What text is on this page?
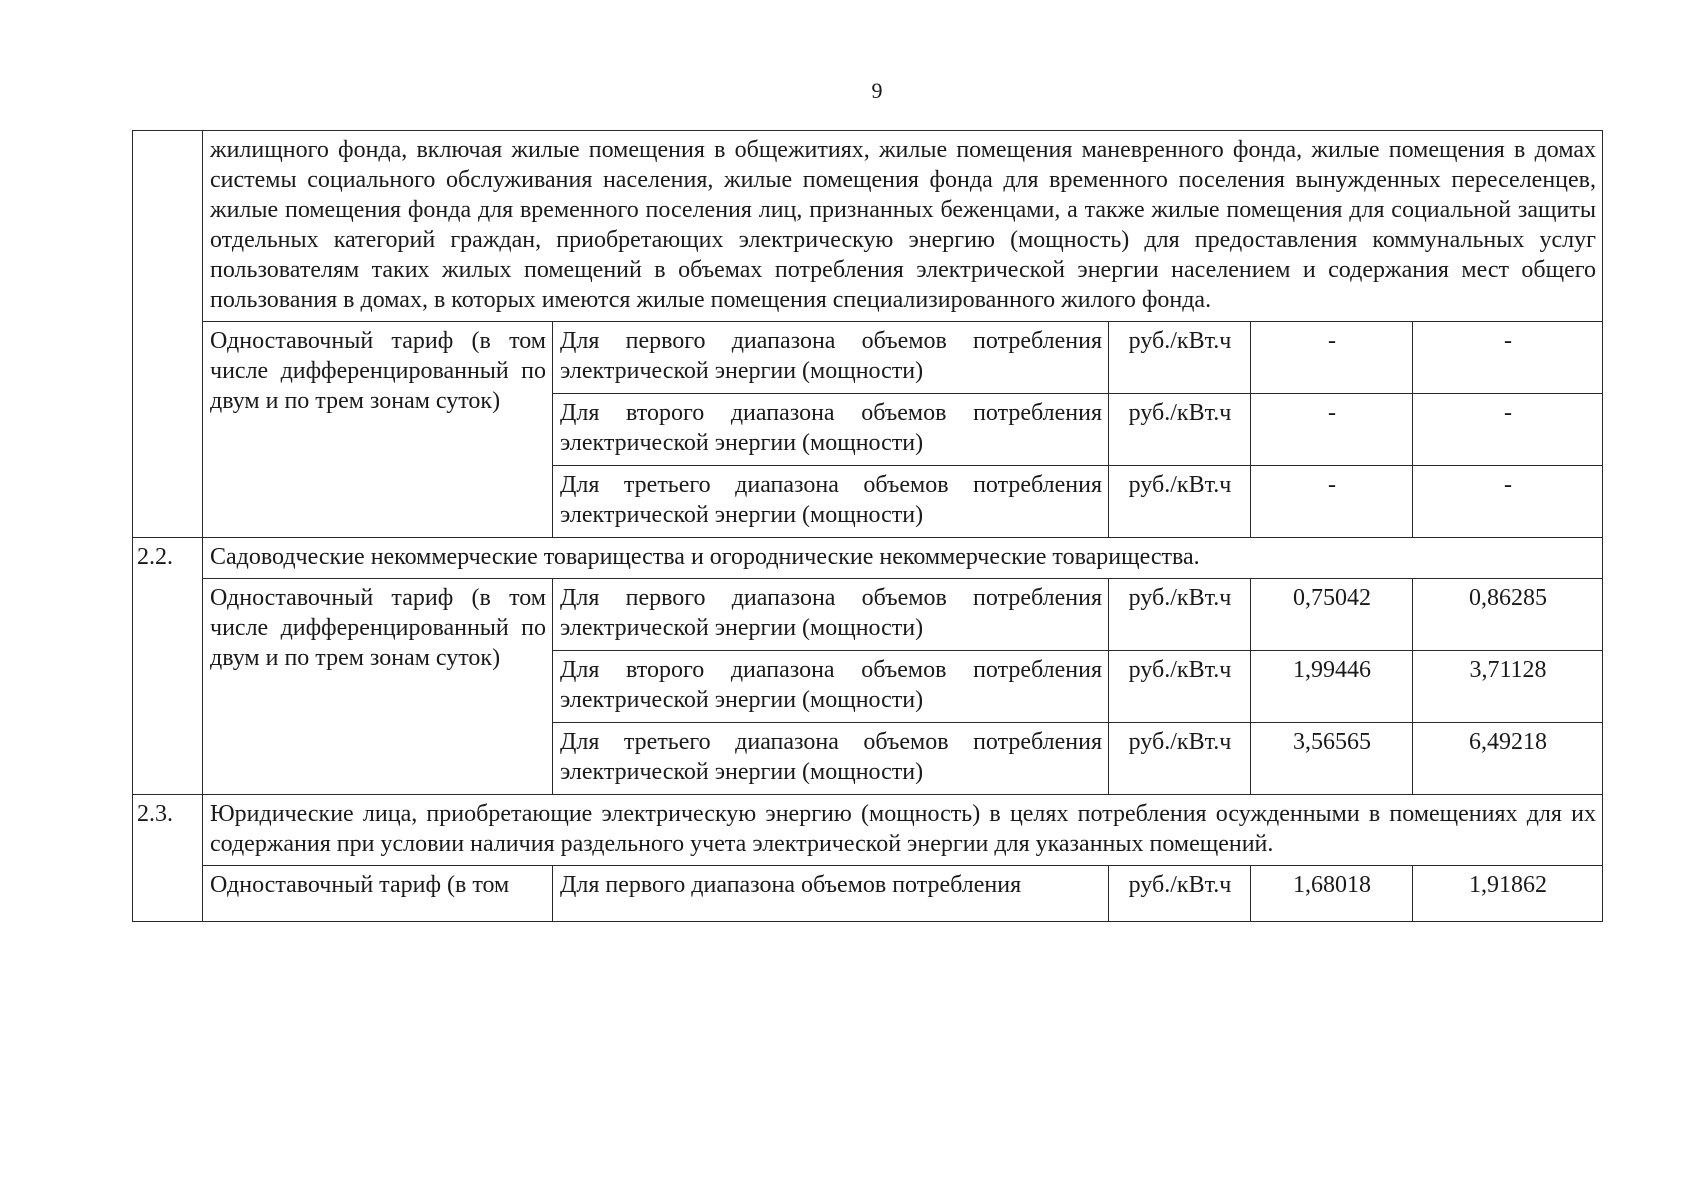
9
	жилищного фонда, включая жилые помещения в общежитиях, жилые помещения маневренного фонда, жилые помещения в домах системы социального обслуживания населения, жилые помещения фонда для временного поселения вынужденных переселенцев, жилые помещения фонда для временного поселения лиц, признанных беженцами, а также жилые помещения для социальной защиты отдельных категорий граждан, приобретающих электрическую энергию (мощность) для предоставления коммунальных услуг пользователям таких жилых помещений в объемах потребления электрической энергии населением и содержания мест общего пользования в домах, в которых имеются жилые помещения специализированного жилого фонда.				
	Одноставочный тариф (в том числе дифференцированный по двум и по трем зонам суток)	Для первого диапазона объемов потребления электрической энергии (мощности)	руб./кВт.ч	-	-
		Для второго диапазона объемов потребления электрической энергии (мощности)	руб./кВт.ч	-	-
		Для третьего диапазона объемов потребления электрической энергии (мощности)	руб./кВт.ч	-	-
2.2.	Садоводческие некоммерческие товарищества и огороднические некоммерческие товарищества.				
	Одноставочный тариф (в том числе дифференцированный по двум и по трем зонам суток)	Для первого диапазона объемов потребления электрической энергии (мощности)	руб./кВт.ч	0,75042	0,86285
		Для второго диапазона объемов потребления электрической энергии (мощности)	руб./кВт.ч	1,99446	3,71128
		Для третьего диапазона объемов потребления электрической энергии (мощности)	руб./кВт.ч	3,56565	6,49218
2.3.	Юридические лица, приобретающие электрическую энергию (мощность) в целях потребления осужденными в помещениях для их содержания при условии наличия раздельного учета электрической энергии для указанных помещений.				
	Одноставочный тариф (в том	Для первого диапазона объемов потребления	руб./кВт.ч	1,68018	1,91862
